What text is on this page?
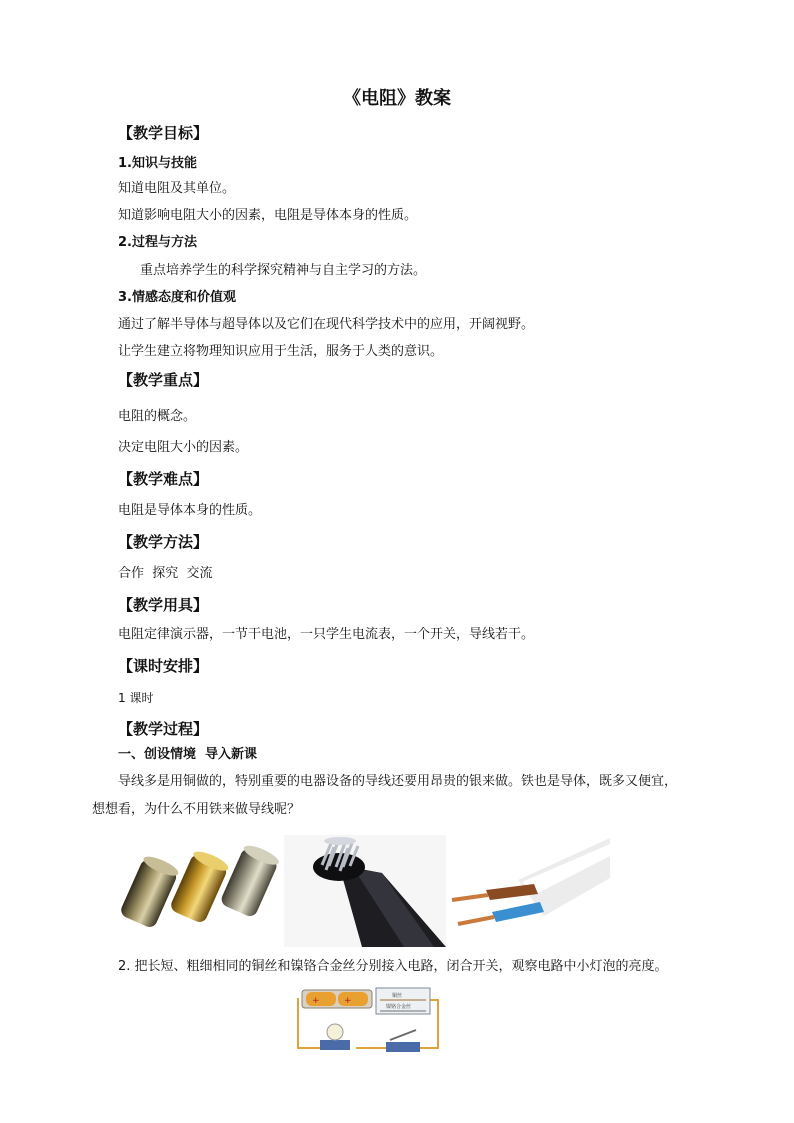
《电阻》教案
【教学目标】
1.知识与技能
知道电阻及其单位。
知道影响电阻大小的因素，电阻是导体本身的性质。
2.过程与方法
重点培养学生的科学探究精神与自主学习的方法。
3.情感态度和价值观
通过了解半导体与超导体以及它们在现代科学技术中的应用，开阔视野。
让学生建立将物理知识应用于生活，服务于人类的意识。
【教学重点】
电阻的概念。
决定电阻大小的因素。
【教学难点】
电阻是导体本身的性质。
【教学方法】
合作  探究  交流
【教学用具】
电阻定律演示器，一节干电池，一只学生电流表，一个开关，导线若干。
【课时安排】
1 课时
【教学过程】
一、创设情境  导入新课
导线多是用铜做的，特别重要的电器设备的导线还要用昂贵的银来做。铁也是导体，既多又便宜，
想想看，为什么不用铁来做导线呢？
2. 把长短、粗细相同的铜丝和镍铬合金丝分别接入电路，闭合开关，观察电路中小灯泡的亮度。
+	+	铜丝
镍铬合金丝
